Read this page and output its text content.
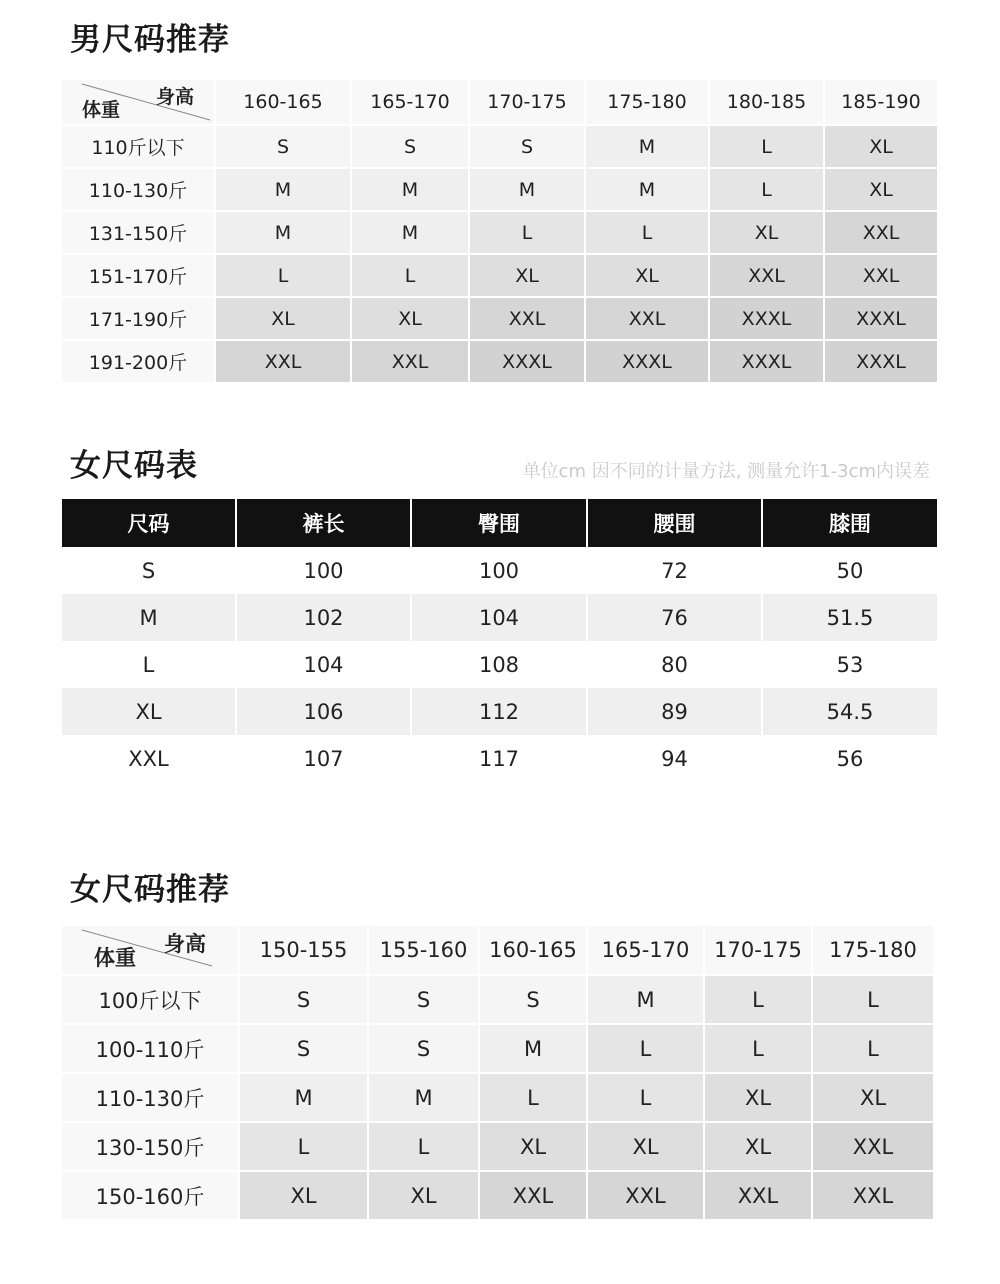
男尺码推荐
身高
体重	160-165	165-170	170-175	175-180	180-185	185-190
110斤以下	S	S	S	M	L	XL
110-130斤	M	M	M	M	L	XL
131-150斤	M	M	L	L	XL	XXL
151-170斤	L	L	XL	XL	XXL	XXL
171-190斤	XL	XL	XXL	XXL	XXXL	XXXL
191-200斤	XXL	XXL	XXXL	XXXL	XXXL	XXXL
女尺码表	单位cm 因不同的计量方法, 测量允许1-3cm内误差
尺码	裤长	臀围	腰围	膝围
S	100	100	72	50
M	102	104	76	51.5
L	104	108	80	53
XL	106	112	89	54.5
XXL	107	117	94	56
女尺码推荐
身高
体重	150-155	155-160	160-165	165-170	170-175	175-180
100斤以下	S	S	S	M	L	L
100-110斤	S	S	M	L	L	L
110-130斤	M	M	L	L	XL	XL
130-150斤	L	L	XL	XL	XL	XXL
150-160斤	XL	XL	XXL	XXL	XXL	XXL
